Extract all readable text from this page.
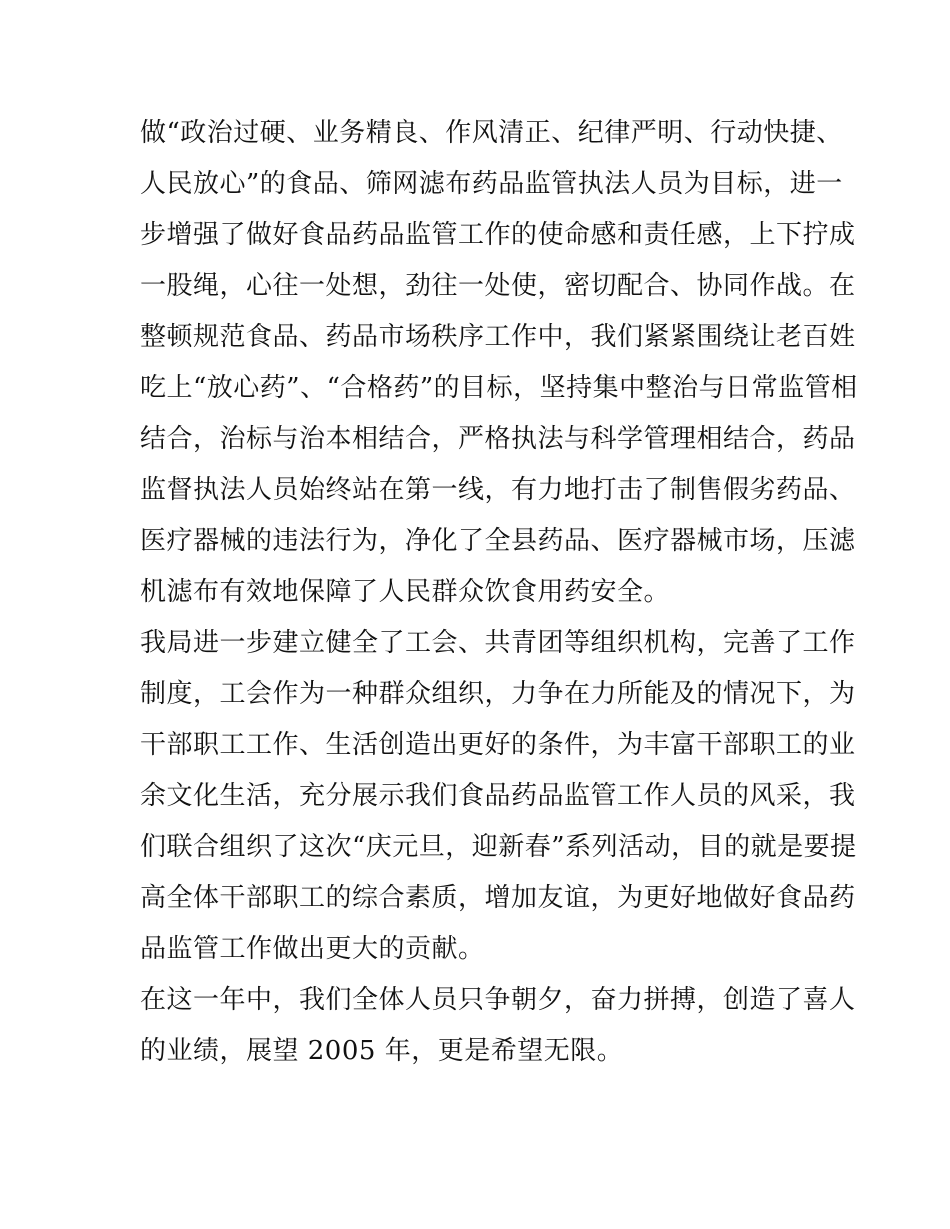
做“政治过硬、业务精良、作风清正、纪律严明、行动快捷、
人民放心”的食品、筛网滤布药品监管执法人员为目标，进一
步增强了做好食品药品监管工作的使命感和责任感，上下拧成
一股绳，心往一处想，劲往一处使，密切配合、协同作战。在
整顿规范食品、药品市场秩序工作中，我们紧紧围绕让老百姓
吃上“放心药”、“合格药”的目标，坚持集中整治与日常监管相
结合，治标与治本相结合，严格执法与科学管理相结合，药品
监督执法人员始终站在第一线，有力地打击了制售假劣药品、
医疗器械的违法行为，净化了全县药品、医疗器械市场，压滤
机滤布有效地保障了人民群众饮食用药安全。
我局进一步建立健全了工会、共青团等组织机构，完善了工作
制度，工会作为一种群众组织，力争在力所能及的情况下，为
干部职工工作、生活创造出更好的条件，为丰富干部职工的业
余文化生活，充分展示我们食品药品监管工作人员的风采，我
们联合组织了这次“庆元旦，迎新春”系列活动，目的就是要提
高全体干部职工的综合素质，增加友谊，为更好地做好食品药
品监管工作做出更大的贡献。
在这一年中，我们全体人员只争朝夕，奋力拼搏，创造了喜人
的业绩，展望 2005 年，更是希望无限。
